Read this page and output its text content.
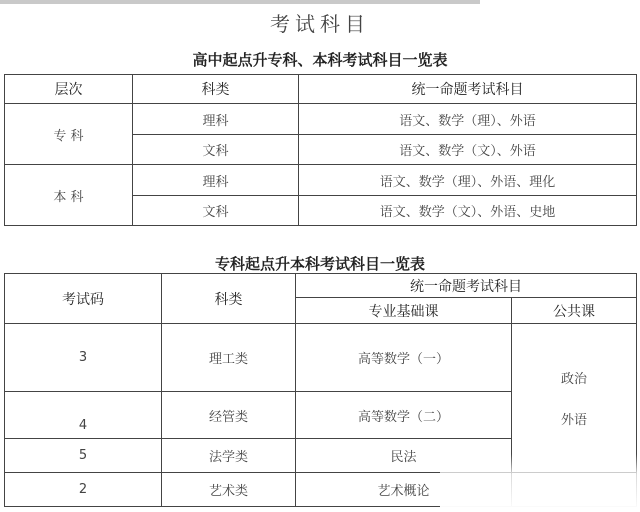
考试科目
高中起点升专科、本科考试科目一览表
层次	科类	统一命题考试科目
专 科	理科	语文、数学（理）、外语
	文科	语文、数学（文）、外语
本 科	理科	语文、数学（理）、外语、理化
	文科	语文、数学（文）、外语、史地
专科起点升本科考试科目一览表
考试码	科类	统一命题考试科目	
		专业基础课	公共课
3	理工类	高等数学（一）	政治
外语

4	经管类	高等数学（二）	
5	法学类	民法	
2	艺术类	艺术概论	
